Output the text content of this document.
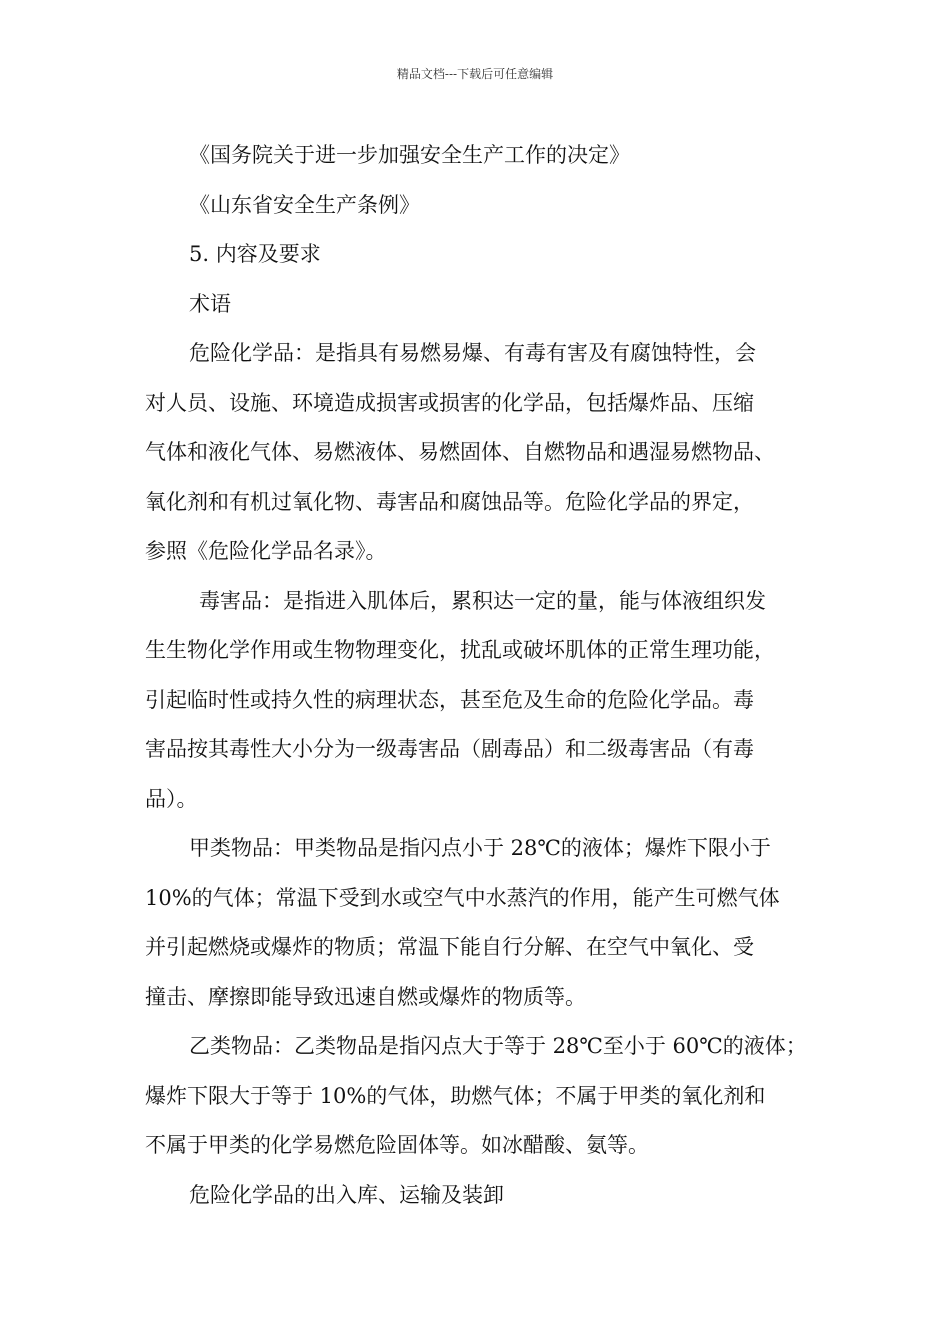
精品文档---下载后可任意编辑
《国务院关于进一步加强安全生产工作的决定》
《山东省安全生产条例》
5. 内容及要求
术语
危险化学品：是指具有易燃易爆、有毒有害及有腐蚀特性，会
对人员、设施、环境造成损害或损害的化学品，包括爆炸品、压缩
气体和液化气体、易燃液体、易燃固体、自燃物品和遇湿易燃物品、
氧化剂和有机过氧化物、毒害品和腐蚀品等。危险化学品的界定，
参照《危险化学品名录》。
毒害品：是指进入肌体后，累积达一定的量，能与体液组织发
生生物化学作用或生物物理变化，扰乱或破坏肌体的正常生理功能，
引起临时性或持久性的病理状态，甚至危及生命的危险化学品。毒
害品按其毒性大小分为一级毒害品（剧毒品）和二级毒害品（有毒
品）。
甲类物品：甲类物品是指闪点小于 28℃的液体；爆炸下限小于
10%的气体；常温下受到水或空气中水蒸汽的作用，能产生可燃气体
并引起燃烧或爆炸的物质；常温下能自行分解、在空气中氧化、受
撞击、摩擦即能导致迅速自燃或爆炸的物质等。
乙类物品：乙类物品是指闪点大于等于 28℃至小于 60℃的液体；
爆炸下限大于等于 10%的气体，助燃气体；不属于甲类的氧化剂和
不属于甲类的化学易燃危险固体等。如冰醋酸、氨等。
危险化学品的出入库、运输及装卸
